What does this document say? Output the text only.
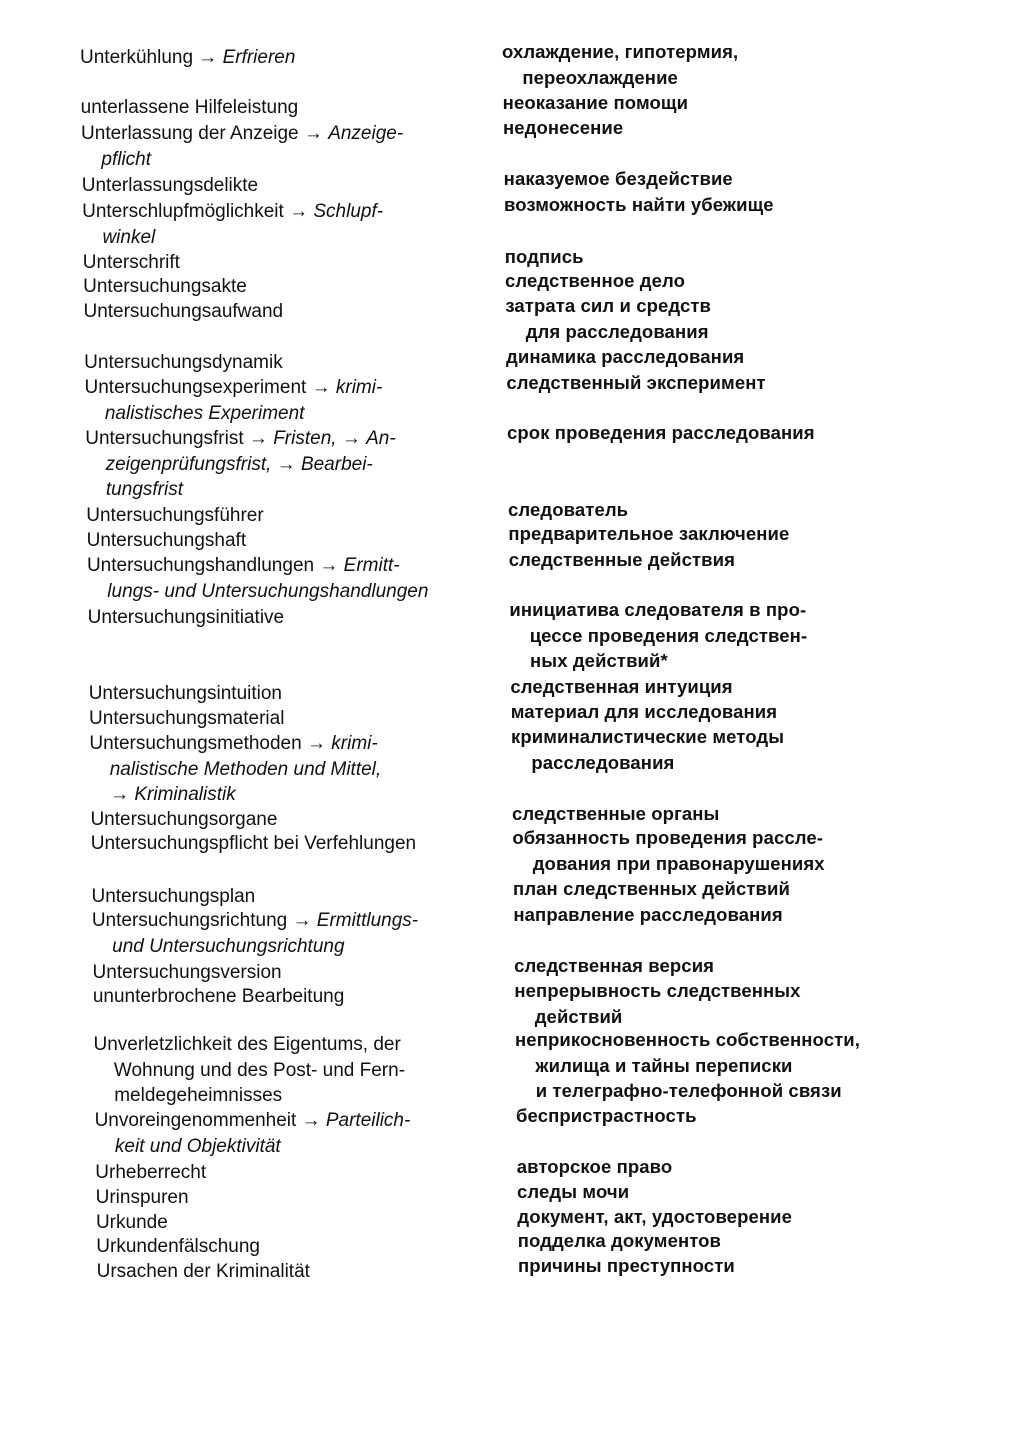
Unterkühlung → Erfrieren
unterlassene Hilfeleistung
Unterlassung der Anzeige → Anzeige-
pflicht
Unterlassungsdelikte
Unterschlupfmöglichkeit → Schlupf-
winkel
Unterschrift
Untersuchungsakte
Untersuchungsaufwand
Untersuchungsdynamik
Untersuchungsexperiment → krimi-
nalistisches Experiment
Untersuchungsfrist → Fristen, → An-
zeigenprüfungsfrist, → Bearbei-
tungsfrist
Untersuchungsführer
Untersuchungshaft
Untersuchungshandlungen → Ermitt-
lungs- und Untersuchungshandlungen
Untersuchungsinitiative
Untersuchungsintuition
Untersuchungsmaterial
Untersuchungsmethoden → krimi-
nalistische Methoden und Mittel,
→ Kriminalistik
Untersuchungsorgane
Untersuchungspflicht bei Verfehlungen
Untersuchungsplan
Untersuchungsrichtung → Ermittlungs-
und Untersuchungsrichtung
Untersuchungsversion
ununterbrochene Bearbeitung
Unverletzlichkeit des Eigentums, der
Wohnung und des Post- und Fern-
meldegeheimnisses
Unvoreingenommenheit → Parteilich-
keit und Objektivität
Urheberrecht
Urinspuren
Urkunde
Urkundenfälschung
Ursachen der Kriminalität
охлаждение, гипотермия,
переохлаждение
неоказание помощи
недонесение
наказуемое бездействие
возможность найти убежище
подпись
следственное дело
затрата сил и средств
для расследования
динамика расследования
следственный эксперимент
срок проведения расследования
следователь
предварительное заключение
следственные действия
инициатива следователя в про-
цессе проведения следствен-
ных действий*
следственная интуиция
материал для исследования
криминалистические методы
расследования
следственные органы
обязанность проведения рассле-
дования при правонарушениях
план следственных действий
направление расследования
следственная версия
непрерывность следственных
действий
неприкосновенность собственности,
жилища и тайны переписки
и телеграфно-телефонной связи
беспристрастность
авторское право
следы мочи
документ, акт, удостоверение
подделка документов
причины преступности
